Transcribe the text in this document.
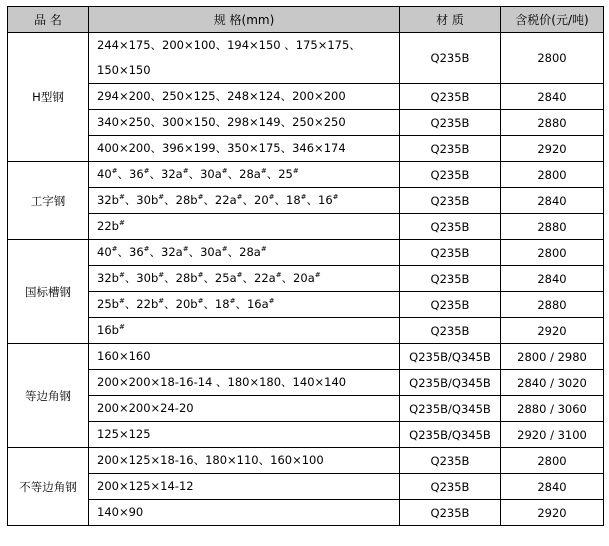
品 名	规 格(mm)	材 质	含税价(元/吨)
H型钢	244×175、200×100、194×150 、175×175、150×150	Q235B	2800
	294×200、250×125、248×124、200×200	Q235B	2840
	340×250、300×150、298×149、250×250	Q235B	2880
	400×200、396×199、350×175、346×174	Q235B	2920
工字钢	40#、36#、32a#、30a#、28a#、25#	Q235B	2800
	32b#、30b#、28b#、22a#、20#、18#、16#	Q235B	2840
	22b#	Q235B	2880
国标槽钢	40#、36#、32a#、30a#、28a#	Q235B	2800
	32b#、30b#、28b#、25a#、22a#、20a#	Q235B	2840
	25b#、22b#、20b#、18#、16a#	Q235B	2880
	16b#	Q235B	2920
等边角钢	160×160	Q235B/Q345B	2800 / 2980
	200×200×18-16-14 、180×180、140×140	Q235B/Q345B	2840 / 3020
	200×200×24-20	Q235B/Q345B	2880 / 3060
	125×125	Q235B/Q345B	2920 / 3100
不等边角钢	200×125×18-16、180×110、160×100	Q235B	2800
	200×125×14-12	Q235B	2840
	140×90	Q235B	2920
